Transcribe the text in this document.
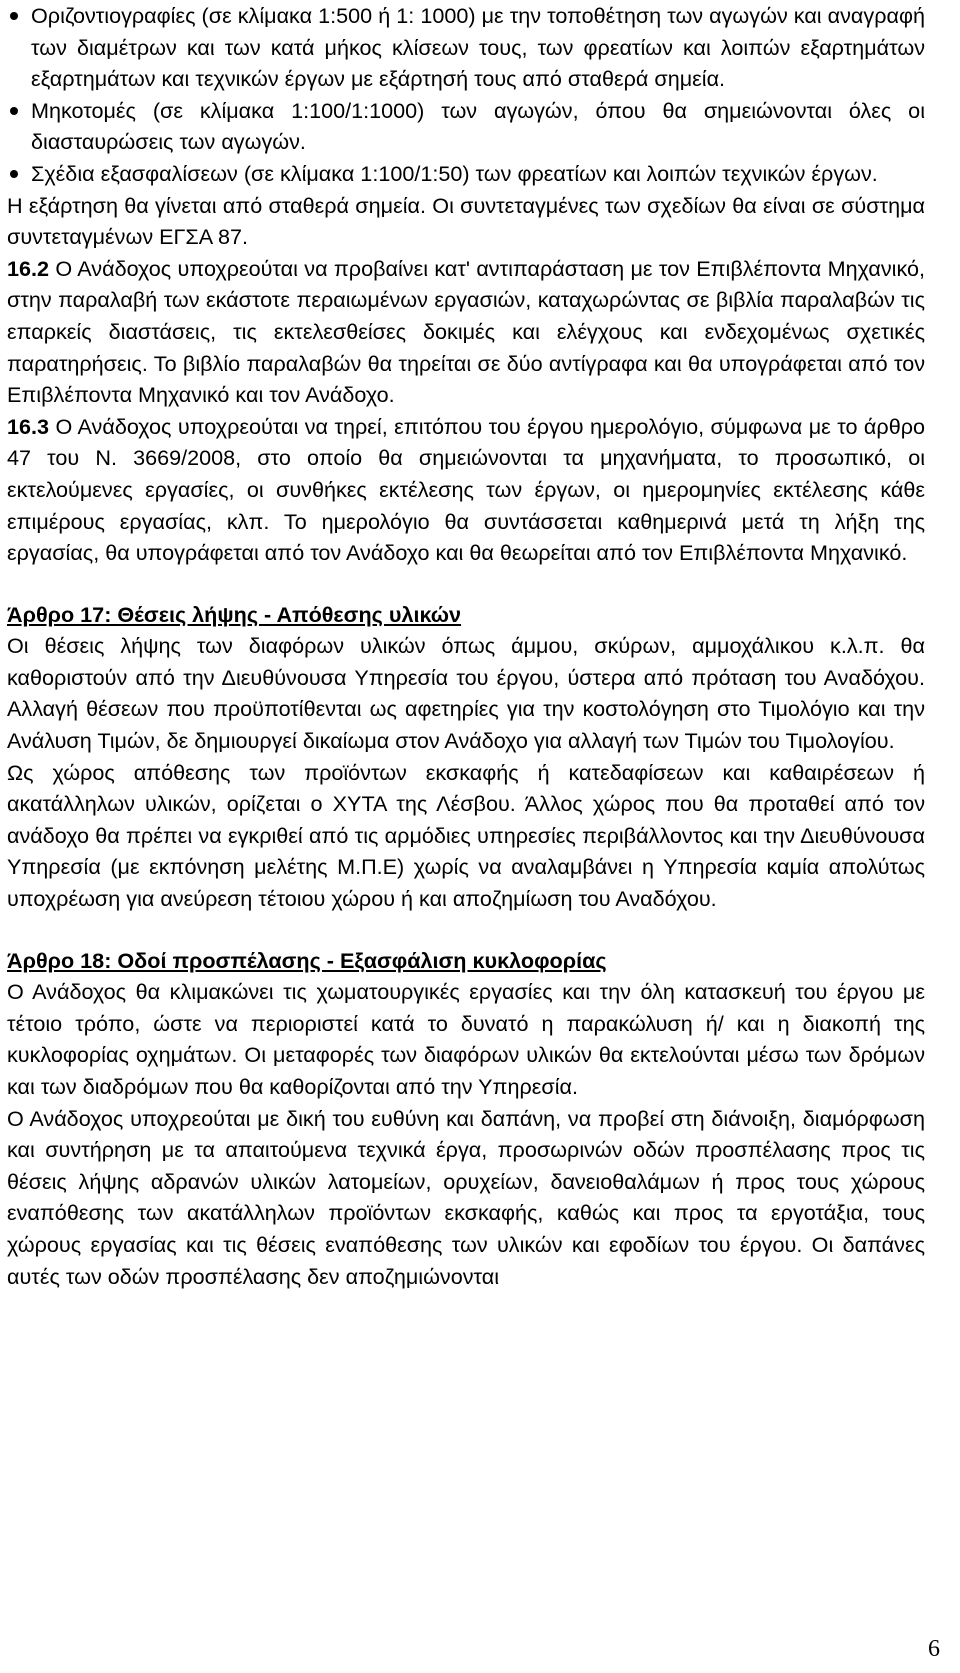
Οριζοντιογραφίες (σε κλίμακα 1:500 ή 1: 1000) με την τοποθέτηση των αγωγών και αναγραφή των διαμέτρων και των κατά μήκος κλίσεων τους, των φρεατίων και λοιπών εξαρτημάτων εξαρτημάτων και τεχνικών έργων με εξάρτησή τους από σταθερά σημεία.

Μηκοτομές (σε κλίμακα 1:100/1:1000) των αγωγών, όπου θα σημειώνονται όλες οι διασταυρώσεις των αγωγών.

Σχέδια εξασφαλίσεων (σε κλίμακα 1:100/1:50) των φρεατίων και λοιπών τεχνικών έργων.

Η εξάρτηση θα γίνεται από σταθερά σημεία. Οι συντεταγμένες των σχεδίων θα είναι σε σύστημα συντεταγμένων ΕΓΣΑ 87.

16.2 Ο Ανάδοχος υποχρεούται να προβαίνει κατ' αντιπαράσταση με τον Επιβλέποντα Μηχανικό, στην παραλαβή των εκάστοτε περαιωμένων εργασιών, καταχωρώντας σε βιβλία παραλαβών τις επαρκείς διαστάσεις, τις εκτελεσθείσες δοκιμές και ελέγχους και ενδεχομένως σχετικές παρατηρήσεις. Το βιβλίο παραλαβών θα τηρείται σε δύο αντίγραφα και θα υπογράφεται από τον Επιβλέποντα Μηχανικό και τον Ανάδοχο.

16.3 Ο Ανάδοχος υποχρεούται να τηρεί, επιτόπου του έργου ημερολόγιο, σύμφωνα με το άρθρο 47 του Ν. 3669/2008, στο οποίο θα σημειώνονται τα μηχανήματα, το προσωπικό, οι εκτελούμενες εργασίες, οι συνθήκες εκτέλεσης των έργων, οι ημερομηνίες εκτέλεσης κάθε επιμέρους εργασίας, κλπ. Το ημερολόγιο θα συντάσσεται καθημερινά μετά τη λήξη της εργασίας, θα υπογράφεται από τον Ανάδοχο και θα θεωρείται από τον Επιβλέποντα Μηχανικό.

Άρθρο 17: Θέσεις λήψης - Απόθεσης υλικών

Οι θέσεις λήψης των διαφόρων υλικών όπως άμμου, σκύρων, αμμοχάλικου κ.λ.π. θα καθοριστούν από την Διευθύνουσα Υπηρεσία του έργου, ύστερα από πρόταση του Αναδόχου. Αλλαγή θέσεων που προϋποτίθενται ως αφετηρίες για την κοστολόγηση στο Τιμολόγιο και την Ανάλυση Τιμών, δε δημιουργεί δικαίωμα στον Ανάδοχο για αλλαγή των Τιμών του Τιμολογίου.

Ως χώρος απόθεσης των προϊόντων εκσκαφής ή κατεδαφίσεων και καθαιρέσεων ή ακατάλληλων υλικών, ορίζεται ο ΧΥΤΑ της Λέσβου. Άλλος χώρος που θα προταθεί από τον ανάδοχο θα πρέπει να εγκριθεί από τις αρμόδιες υπηρεσίες περιβάλλοντος και την Διευθύνουσα Υπηρεσία (με εκπόνηση μελέτης Μ.Π.Ε) χωρίς να αναλαμβάνει η Υπηρεσία καμία απολύτως υποχρέωση για ανεύρεση τέτοιου χώρου ή και αποζημίωση του Αναδόχου.

Άρθρο 18: Οδοί προσπέλασης - Εξασφάλιση κυκλοφορίας

Ο Ανάδοχος θα κλιμακώνει τις χωματουργικές εργασίες και την όλη κατασκευή του έργου με τέτοιο τρόπο, ώστε να περιοριστεί κατά το δυνατό η παρακώλυση ή/ και η διακοπή της κυκλοφορίας οχημάτων. Οι μεταφορές των διαφόρων υλικών θα εκτελούνται μέσω των δρόμων και των διαδρόμων που θα καθορίζονται από την Υπηρεσία.

Ο Ανάδοχος υποχρεούται με δική του ευθύνη και δαπάνη, να προβεί στη διάνοιξη, διαμόρφωση και συντήρηση με τα απαιτούμενα τεχνικά έργα, προσωρινών οδών προσπέλασης προς τις θέσεις λήψης αδρανών υλικών λατομείων, ορυχείων, δανειοθαλάμων ή προς τους χώρους εναπόθεσης των ακατάλληλων προϊόντων εκσκαφής, καθώς και προς τα εργοτάξια, τους χώρους εργασίας και τις θέσεις εναπόθεσης των υλικών και εφοδίων του έργου. Οι δαπάνες αυτές των οδών προσπέλασης δεν αποζημιώνονται

6
